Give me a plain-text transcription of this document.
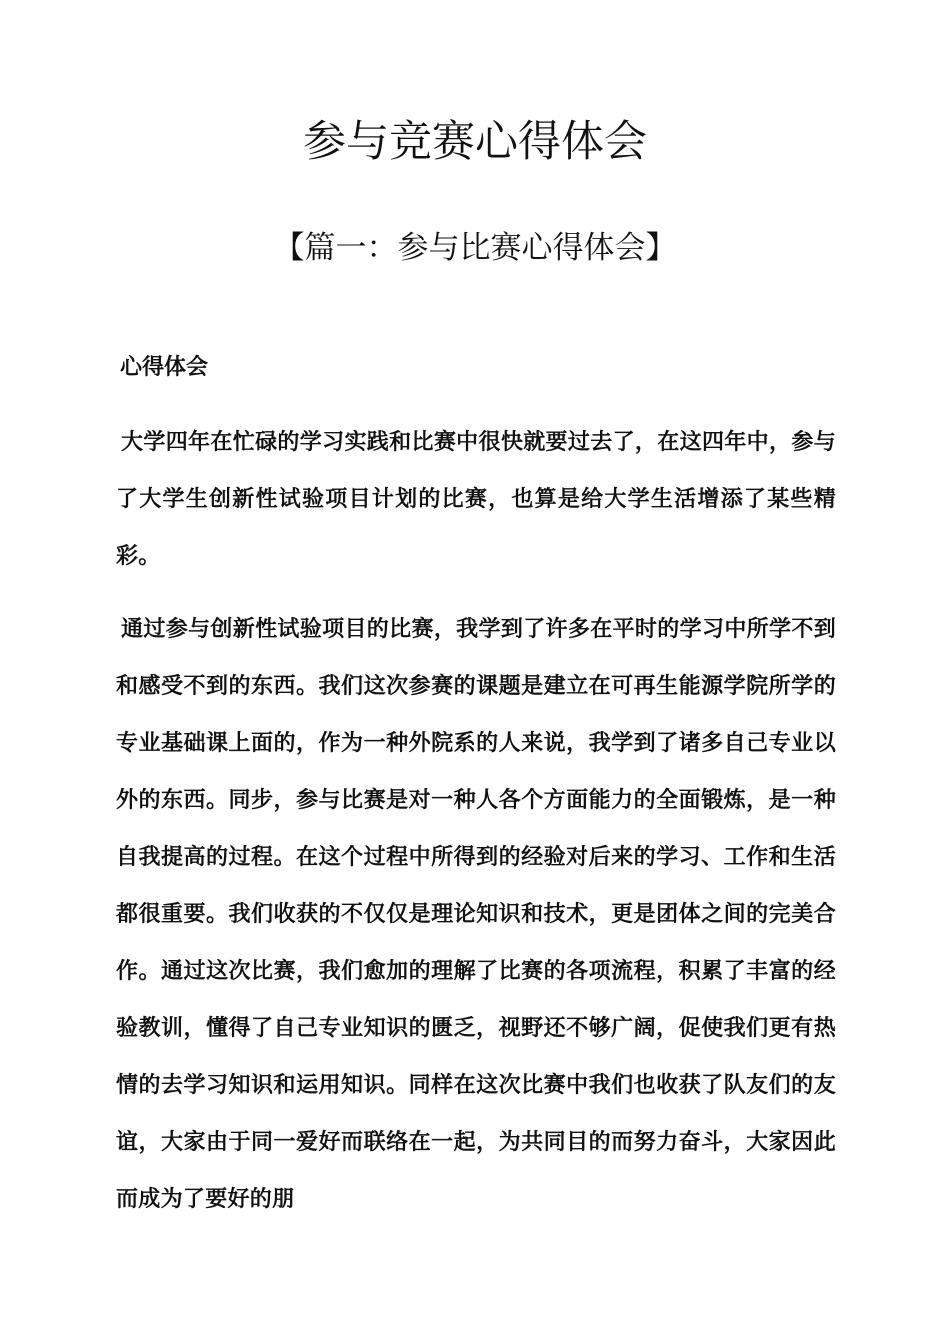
参与竞赛心得体会
【篇一：参与比赛心得体会】
心得体会

大学四年在忙碌的学习实践和比赛中很快就要过去了，在这四年中，参与了大学生创新性试验项目计划的比赛，也算是给大学生活增添了某些精彩。

通过参与创新性试验项目的比赛，我学到了许多在平时的学习中所学不到和感受不到的东西。我们这次参赛的课题是建立在可再生能源学院所学的专业基础课上面的，作为一种外院系的人来说，我学到了诸多自己专业以外的东西。同步，参与比赛是对一种人各个方面能力的全面锻炼，是一种自我提高的过程。在这个过程中所得到的经验对后来的学习、工作和生活都很重要。我们收获的不仅仅是理论知识和技术，更是团体之间的完美合作。通过这次比赛，我们愈加的理解了比赛的各项流程，积累了丰富的经验教训，懂得了自己专业知识的匮乏，视野还不够广阔，促使我们更有热情的去学习知识和运用知识。同样在这次比赛中我们也收获了队友们的友谊，大家由于同一爱好而联络在一起，为共同目的而努力奋斗，大家因此而成为了要好的朋
